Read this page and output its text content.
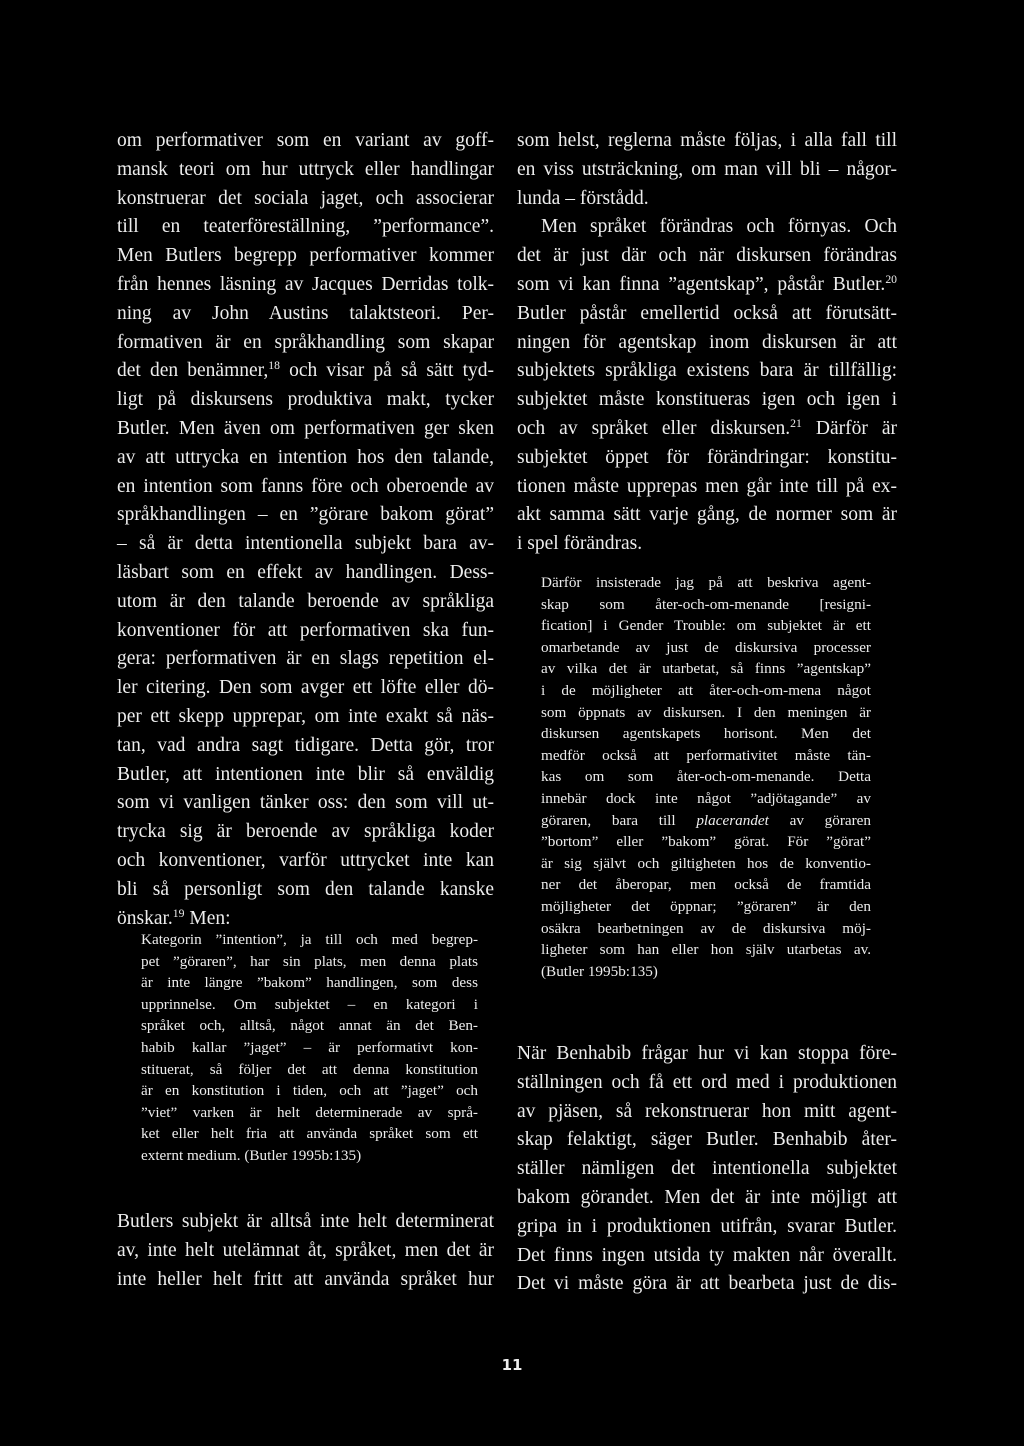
om performativer som en variant av goff-
mansk teori om hur uttryck eller handlingar
konstruerar det sociala jaget, och associerar
till en teaterföreställning, ”performance”.
Men Butlers begrepp performativer kommer
från hennes läsning av Jacques Derridas tolk-
ning av John Austins talaktsteori. Per-
formativen är en språkhandling som skapar
det den benämner,$^{18}$ och visar på så sätt tyd-
ligt på diskursens produktiva makt, tycker
Butler. Men även om performativen ger sken
av att uttrycka en intention hos den talande,
en intention som fanns före och oberoende av
språkhandlingen – en ”görare bakom görat”
– så är detta intentionella subjekt bara av-
läsbart som en effekt av handlingen. Dess-
utom är den talande beroende av språkliga
konventioner för att performativen ska fun-
gera: performativen är en slags repetition el-
ler citering. Den som avger ett löfte eller dö-
per ett skepp upprepar, om inte exakt så näs-
tan, vad andra sagt tidigare. Detta gör, tror
Butler, att intentionen inte blir så enväldig
som vi vanligen tänker oss: den som vill ut-
trycka sig är beroende av språkliga koder
och konventioner, varför uttrycket inte kan
bli så personligt som den talande kanske
önskar.$^{19}$ Men:

Kategorin ”intention”, ja till och med begrep-
pet ”göraren”, har sin plats, men denna plats
är inte längre ”bakom” handlingen, som dess
upprinnelse. Om subjektet – en kategori i
språket och, alltså, något annat än det Ben-
habib kallar ”jaget” – är performativt kon-
stituerat, så följer det att denna konstitution
är en konstitution i tiden, och att ”jaget” och
”viet” varken är helt determinerade av språ-
ket eller helt fria att använda språket som ett
externt medium. (Butler 1995b:135)

Butlers subjekt är alltså inte helt determinerat
av, inte helt utelämnat åt, språket, men det är
inte heller helt fritt att använda språket hur

som helst, reglerna måste följas, i alla fall till
en viss utsträckning, om man vill bli – någor-
lunda – förstådd.
Men språket förändras och förnyas. Och
det är just där och när diskursen förändras
som vi kan finna ”agentskap”, påstår Butler.$^{20}$
Butler påstår emellertid också att förutsätt-
ningen för agentskap inom diskursen är att
subjektets språkliga existens bara är tillfällig:
subjektet måste konstitueras igen och igen i
och av språket eller diskursen.$^{21}$ Därför är
subjektet öppet för förändringar: konstitu-
tionen måste upprepas men går inte till på ex-
akt samma sätt varje gång, de normer som är
i spel förändras.

Därför insisterade jag på att beskriva agent-
skap som åter-och-om-menande [resigni-
fication] i Gender Trouble: om subjektet är ett
omarbetande av just de diskursiva processer
av vilka det är utarbetat, så finns ”agentskap”
i de möjligheter att åter-och-om-mena något
som öppnats av diskursen. I den meningen är
diskursen agentskapets horisont. Men det
medför också att performativitet måste tän-
kas om som åter-och-om-menande. Detta
innebär dock inte något ”adjötagande” av
göraren, bara till placerandet av göraren
”bortom” eller ”bakom” görat. För ”görat”
är sig självt och giltigheten hos de konventio-
ner det åberopar, men också de framtida
möjligheter det öppnar; ”göraren” är den
osäkra bearbetningen av de diskursiva möj-
ligheter som han eller hon själv utarbetas av.
(Butler 1995b:135)

När Benhabib frågar hur vi kan stoppa före-
ställningen och få ett ord med i produktionen
av pjäsen, så rekonstruerar hon mitt agent-
skap felaktigt, säger Butler. Benhabib åter-
ställer nämligen det intentionella subjektet
bakom görandet. Men det är inte möjligt att
gripa in i produktionen utifrån, svarar Butler.
Det finns ingen utsida ty makten når överallt.
Det vi måste göra är att bearbeta just de dis-

11
